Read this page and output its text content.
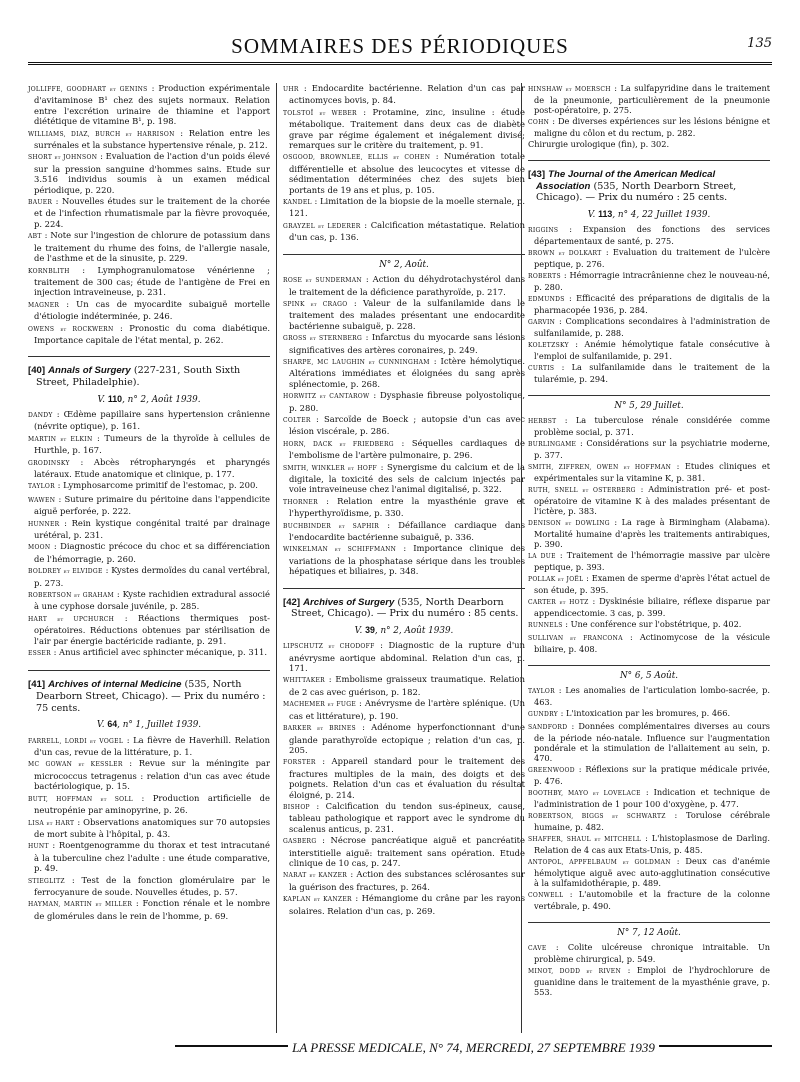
SOMMAIRES DES PÉRIODIQUES	135
JOLLIFFE, GOODHART et GENINS : Production expérimentale d'avitaminose B¹ chez des sujets normaux. Relation entre l'excrétion urinaire de thiamine et l'apport diététique de vitamine B¹, p. 198.
WILLIAMS, DIAZ, BURCH et HARRISON : Relation entre les surrénales et la substance hypertensive rénale, p. 212.
SHORT et JOHNSON : Evaluation de l'action d'un poids élevé sur la pression sanguine d'hommes sains. Etude sur 3.516 individus soumis à un examen médical périodique, p. 220.
BAUER : Nouvelles études sur le traitement de la chorée et de l'infection rhumatismale par la fièvre provoquée, p. 224.
ABT : Note sur l'ingestion de chlorure de potassium dans le traitement du rhume des foins, de l'allergie nasale, de l'asthme et de la sinusite, p. 229.
KORNBLITH : Lymphogranulomatose vénérienne ; traitement de 300 cas; étude de l'antigène de Frei en injection intraveineuse, p. 231.
MAGNER : Un cas de myocardite subaiguë mortelle d'étiologie indéterminée, p. 246.
OWENS et ROCKWERN : Pronostic du coma diabétique. Importance capitale de l'état mental, p. 262.
[40] Annals of Surgery (227-231, South Sixth Street, Philadelphie).
V. 110, n° 2, Août 1939.
DANDY : Œdème papillaire sans hypertension crânienne (névrite optique), p. 161.
MARTIN et ELKIN : Tumeurs de la thyroïde à cellules de Hurthle, p. 167.
GRODINSKY : Abcès rétropharyngés et pharyngés latéraux. Etude anatomique et clinique, p. 177.
TAYLOR : Lymphosarcome primitif de l'estomac, p. 200.
WAWEN : Suture primaire du péritoine dans l'appendicite aiguë perforée, p. 222.
HUNNER : Rein kystique congénital traité par drainage urétéral, p. 231.
MOON : Diagnostic précoce du choc et sa différenciation de l'hémorragie, p. 260.
BOLDREY et ELVIDGE : Kystes dermoïdes du canal vertébral, p. 273.
ROBERTSON et GRAHAM : Kyste rachidien extradural associé à une cyphose dorsale juvénile, p. 285.
HART et UPCHURCH : Réactions thermiques post-opératoires. Réductions obtenues par stérilisation de l'air par énergie bactéricide radiante, p. 291.
ESSER : Anus artificiel avec sphincter mécanique, p. 311.
[41] Archives of internal Medicine (535, North Dearborn Street, Chicago). — Prix du numéro : 75 cents.
V. 64, n° 1, Juillet 1939.
FARRELL, LORDI et VOGEL : La fièvre de Haverhill. Relation d'un cas, revue de la littérature, p. 1.
MC GOWAN et KESSLER : Revue sur la méningite par micrococcus tetragenus : relation d'un cas avec étude bactériologique, p. 15.
BUTT, HOFFMAN et SOLL : Production artificielle de neutropénie par aminopyrine, p. 26.
LISA et HART : Observations anatomiques sur 70 autopsies de mort subite à l'hôpital, p. 43.
HUNT : Roentgenogramme du thorax et test intracutané à la tuberculine chez l'adulte : une étude comparative, p. 49.
STIEGLITZ : Test de la fonction glomérulaire par le ferrocyanure de soude. Nouvelles études, p. 57.
HAYMAN, MARTIN et MILLER : Fonction rénale et le nombre de glomérules dans le rein de l'homme, p. 69.
UHR : Endocardite bactérienne. Relation d'un cas par actinomyces bovis, p. 84.
TOLSTOÏ et WEBER : Protamine, zinc, insuline : étude métabolique. Traitement dans deux cas de diabète grave par régime également et inégalement divisé; remarques sur le critère du traitement, p. 91.
OSGOOD, BROWNLEE, ELLIS et COHEN : Numération totale différentielle et absolue des leucocytes et vitesse de sédimentation déterminées chez des sujets bien portants de 19 ans et plus, p. 105.
KANDEL : Limitation de la biopsie de la moelle sternale, p. 121.
GRAYZEL et LEDERER : Calcification métastatique. Relation d'un cas, p. 136.
N° 2, Août.
ROSE et SUNDERMAN : Action du déhydrotachystérol dans le traitement de la déficience parathyroïde, p. 217.
SPINK et CRAGO : Valeur de la sulfanilamide dans le traitement des malades présentant une endocardite bactérienne subaiguë, p. 228.
GROSS et STERNBERG : Infarctus du myocarde sans lésions significatives des artères coronaires, p. 249.
SHARPE, MC LAUGHIN et CUNNINGHAM : Ictère hémolytique. Altérations immédiates et éloignées du sang après splénectomie, p. 268.
HORWITZ et CANTAROW : Dysphasie fibreuse polyostolique, p. 280.
COLTER : Sarcoïde de Boeck ; autopsie d'un cas avec lésion viscérale, p. 286.
HORN, DACK et FRIEDBERG : Séquelles cardiaques de l'embolisme de l'artère pulmonaire, p. 296.
SMITH, WINKLER et HOFF : Synergisme du calcium et de la digitale, la toxicité des sels de calcium injectés par voie intraveineuse chez l'animal digitalisé, p. 322.
THORNER : Relation entre la myasthénie grave et l'hyperthyroïdisme, p. 330.
BUCHBINDER et SAPHIR : Défaillance cardiaque dans l'endocardite bactérienne subaiguë, p. 336.
WINKELMAN et SCHIFFMANN : Importance clinique des variations de la phosphatase sérique dans les troubles hépatiques et biliaires, p. 348.
[42] Archives of Surgery (535, North Dearborn Street, Chicago). — Prix du numéro : 85 cents.
V. 39, n° 2, Août 1939.
LIPSCHUTZ et CHODOFF : Diagnostic de la rupture d'un anévrysme aortique abdominal. Relation d'un cas, p. 171.
WHITTAKER : Embolisme graisseux traumatique. Relation de 2 cas avec guérison, p. 182.
MACHEMER et FUGE : Anévrysme de l'artère splénique. (Un cas et littérature), p. 190.
BARKER et BRINES : Adénome hyperfonctionnant d'une glande parathyroïde ectopique ; relation d'un cas, p. 205.
FORSTER : Appareil standard pour le traitement des fractures multiples de la main, des doigts et des poignets. Relation d'un cas et évaluation du résultat éloigné, p. 214.
BISHOP : Calcification du tendon sus-épineux, cause, tableau pathologique et rapport avec le syndrome du scalenus anticus, p. 231.
GASBERG : Nécrose pancréatique aiguë et pancréatite interstitielle aiguë: traitement sans opération. Etude clinique de 10 cas, p. 247.
NARAT et KANZER : Action des substances sclérosantes sur la guérison des fractures, p. 264.
KAPLAN et KANZER : Hémangiome du crâne par les rayons solaires. Relation d'un cas, p. 269.
HINSHAW et MOERSCH : La sulfapyridine dans le traitement de la pneumonie, particulièrement de la pneumonie post-opératoire, p. 275.
COHN : De diverses expériences sur les lésions bénigne et maligne du côlon et du rectum, p. 282.
Chirurgie urologique (fin), p. 302.
[43] The Journal of the American Medical Association (535, North Dearborn Street, Chicago). — Prix du numéro : 25 cents.
V. 113, n° 4, 22 Juillet 1939.
RIGGINS : Expansion des fonctions des services départementaux de santé, p. 275.
BROWN et DOLKART : Evaluation du traitement de l'ulcère peptique, p. 276.
ROBERTS : Hémorragie intracrânienne chez le nouveau-né, p. 280.
EDMUNDS : Efficacité des préparations de digitalis de la pharmacopée 1936, p. 284.
GARVIN : Complications secondaires à l'administration de sulfanilamide, p. 288.
KOLETZSKY : Anémie hémolytique fatale consécutive à l'emploi de sulfanilamide, p. 291.
CURTIS : La sulfanilamide dans le traitement de la tularémie, p. 294.
N° 5, 29 Juillet.
HERBST : La tuberculose rénale considérée comme problème social, p. 371.
BURLINGAME : Considérations sur la psychiatrie moderne, p. 377.
SMITH, ZIFFREN, OWEN et HOFFMAN : Etudes cliniques et expérimentales sur la vitamine K, p. 381.
RUTH, SNELL et OSTERBERG : Administration pré- et post-opératoire de vitamine K à des malades présentant de l'ictère, p. 383.
DENISON et DOWLING : La rage à Birmingham (Alabama). Mortalité humaine d'après les traitements antirabiques, p. 390.
LA DUE : Traitement de l'hémorragie massive par ulcère peptique, p. 393.
POLLAK et JOËL : Examen de sperme d'après l'état actuel de son étude, p. 395.
CARTER et HOTZ : Dyskinésie biliaire, réflexe disparue par appendicectomie. 3 cas, p. 399.
RUNNELS : Une conférence sur l'obstétrique, p. 402.
SULLIVAN et FRANCONA : Actinomycose de la vésicule biliaire, p. 408.
N° 6, 5 Août.
TAYLOR : Les anomalies de l'articulation lombo-sacrée, p. 463.
GUNDRY : L'intoxication par les bromures, p. 466.
SANDFORD : Données complémentaires diverses au cours de la période néo-natale. Influence sur l'augmentation pondérale et la stimulation de l'allaitement au sein, p. 470.
GREENWOOD : Réflexions sur la pratique médicale privée, p. 476.
BOOTHBY, MAYO et LOVELACE : Indication et technique de l'administration de 1 pour 100 d'oxygène, p. 477.
ROBERTSON, BIGGS et SCHWARTZ : Torulose cérébrale humaine, p. 482.
SHAFFER, SHAUL et MITCHELL : L'histoplasmose de Darling. Relation de 4 cas aux Etats-Unis, p. 485.
ANTOPOL, APPFELBAUM et GOLDMAN : Deux cas d'anémie hémolytique aiguë avec auto-agglutination consécutive à la sulfamidothérapie, p. 489.
CONWELL : L'automobile et la fracture de la colonne vertébrale, p. 490.
N° 7, 12 Août.
CAVE : Colite ulcéreuse chronique intraitable. Un problème chirurgical, p. 549.
MINOT, DODD et RIVEN : Emploi de l'hydrochlorure de guanidine dans le traitement de la myasthénie grave, p. 553.
LA PRESSE MEDICALE, N° 74, MERCREDI, 27 SEPTEMBRE 1939
